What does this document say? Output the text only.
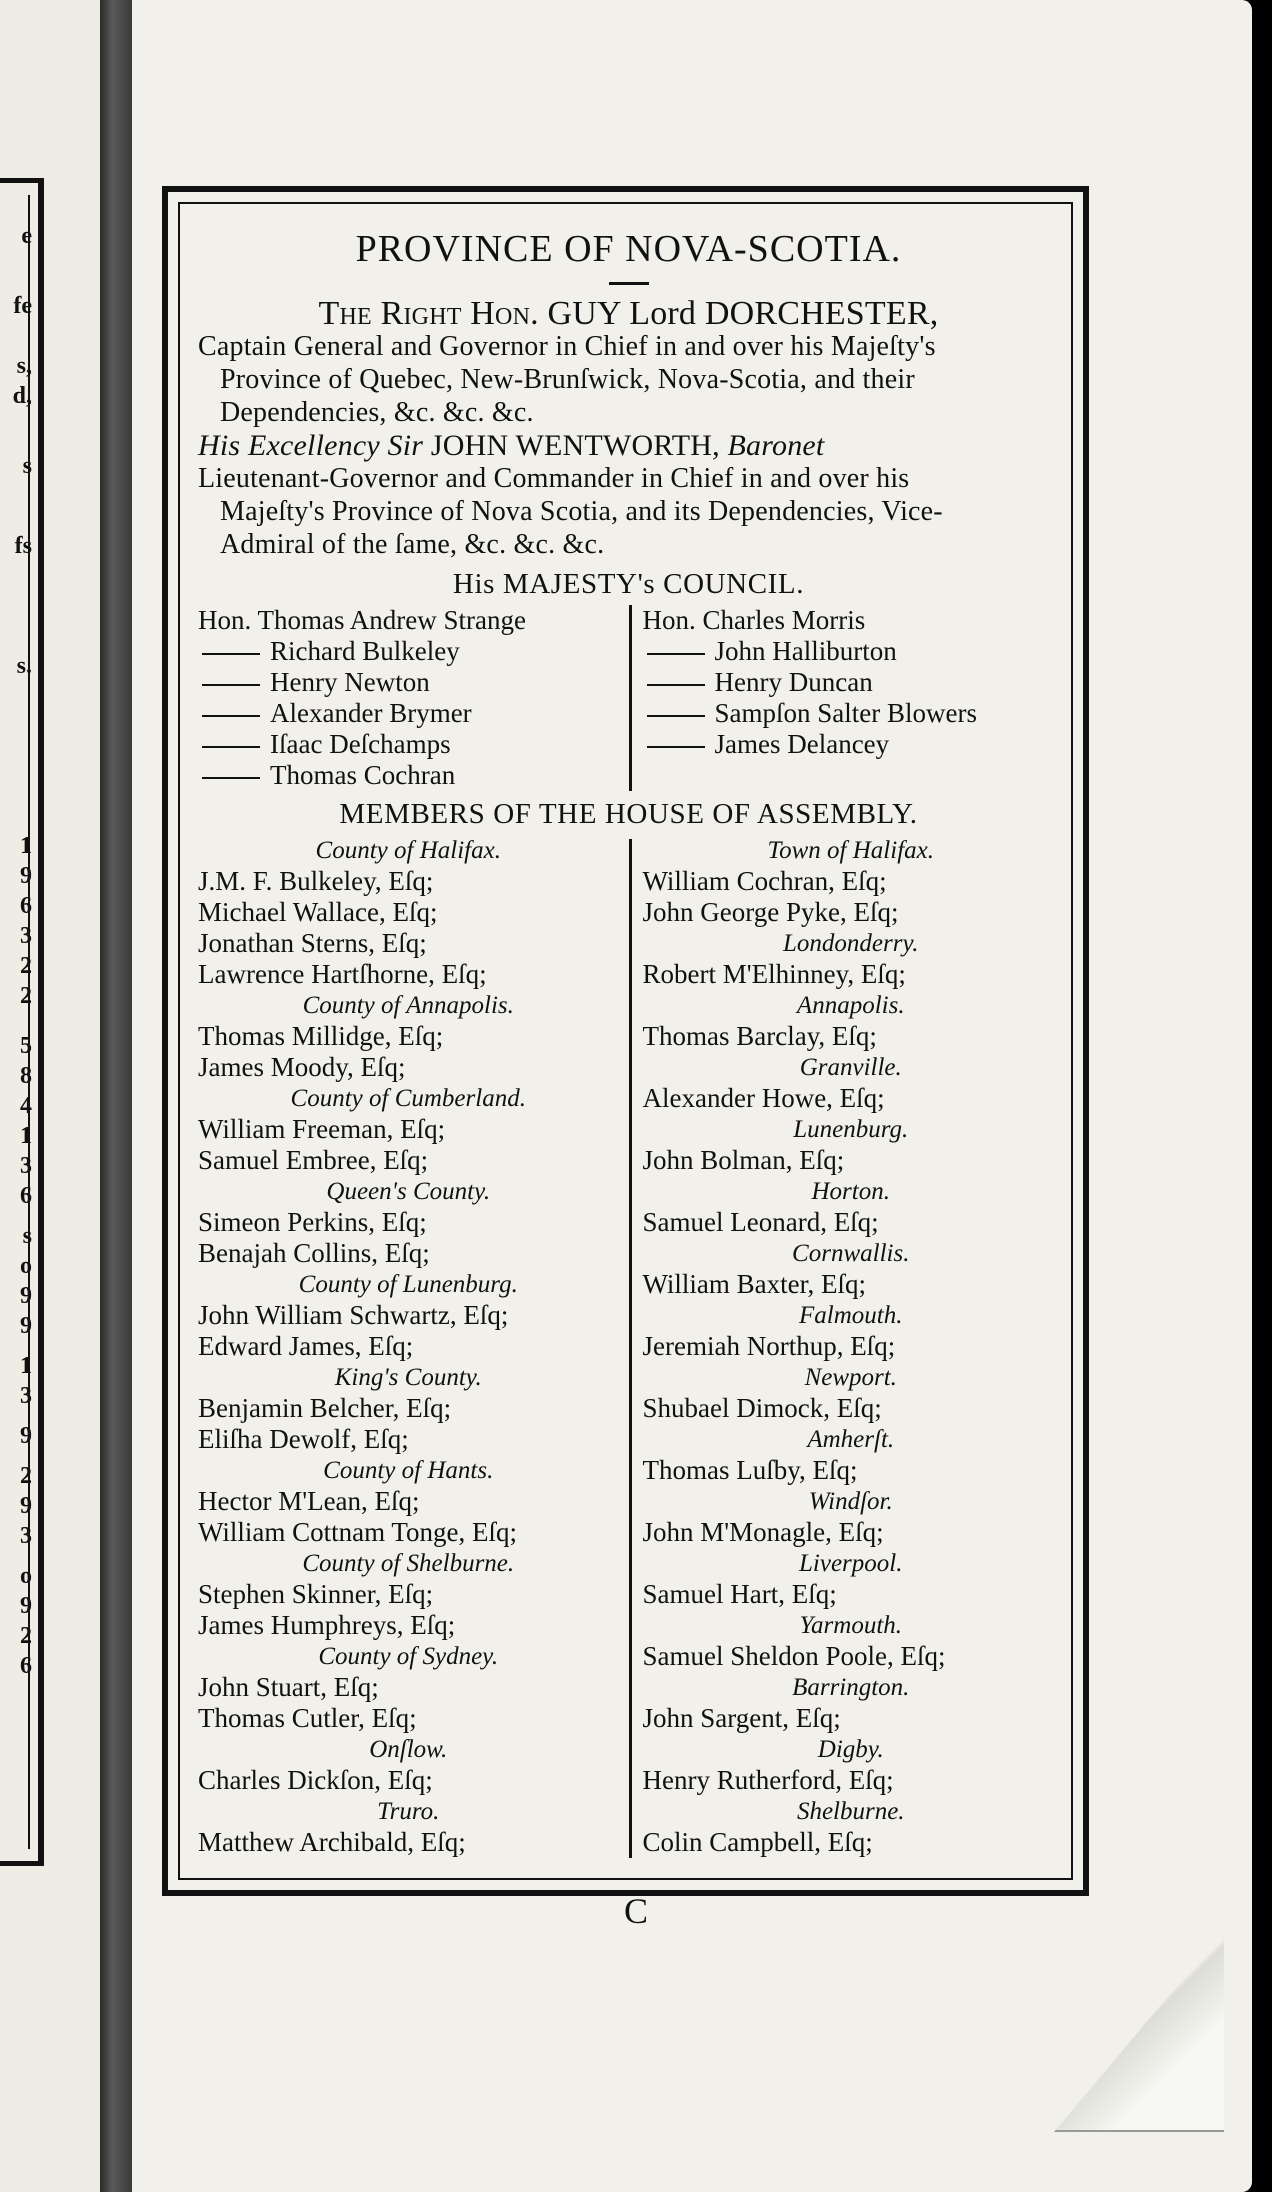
e
fe
s,
d,
s
fs
s.
1
9
6
3
2
2
5
8
4
1
3
6
s
o
9
9
1
3
9
2
9
3
o
9
2
6

PROVINCE OF NOVA-SCOTIA.

The Right Hon. GUY Lord DORCHESTER,

Captain General and Governor in Chief in and over his Majeſty's

Province of Quebec, New-Brunſwick, Nova-Scotia, and their

Dependencies, &c. &c. &c.

His Excellency Sir JOHN WENTWORTH, Baronet

Lieutenant-Governor and Commander in Chief in and over his

Majeſty's Province of Nova Scotia, and its Dependencies, Vice-

Admiral of the ſame, &c. &c. &c.

His MAJESTY's COUNCIL.

Hon. Thomas Andrew Strange
Richard Bulkeley
Henry Newton
Alexander Brymer
Iſaac Deſchamps
Thomas Cochran
Hon. Charles Morris
John Halliburton
Henry Duncan
Sampſon Salter Blowers
James Delancey

MEMBERS OF THE HOUSE OF ASSEMBLY.

County of Halifax.
J.M. F. Bulkeley, Eſq;
Michael Wallace, Eſq;
Jonathan Sterns, Eſq;
Lawrence Hartſhorne, Eſq;
County of Annapolis.
Thomas Millidge, Eſq;
James Moody, Eſq;
County of Cumberland.
William Freeman, Eſq;
Samuel Embree, Eſq;
Queen's County.
Simeon Perkins, Eſq;
Benajah Collins, Eſq;
County of Lunenburg.
John William Schwartz, Eſq;
Edward James, Eſq;
King's County.
Benjamin Belcher, Eſq;
Eliſha Dewolf, Eſq;
County of Hants.
Hector M'Lean, Eſq;
William Cottnam Tonge, Eſq;
County of Shelburne.
Stephen Skinner, Eſq;
James Humphreys, Eſq;
County of Sydney.
John Stuart, Eſq;
Thomas Cutler, Eſq;
Onſlow.
Charles Dickſon, Eſq;
Truro.
Matthew Archibald, Eſq;
Town of Halifax.
William Cochran, Eſq;
John George Pyke, Eſq;
Londonderry.
Robert M'Elhinney, Eſq;
Annapolis.
Thomas Barclay, Eſq;
Granville.
Alexander Howe, Eſq;
Lunenburg.
John Bolman, Eſq;
Horton.
Samuel Leonard, Eſq;
Cornwallis.
William Baxter, Eſq;
Falmouth.
Jeremiah Northup, Eſq;
Newport.
Shubael Dimock, Eſq;
Amherſt.
Thomas Luſby, Eſq;
Windſor.
John M'Monagle, Eſq;
Liverpool.
Samuel Hart, Eſq;
Yarmouth.
Samuel Sheldon Poole, Eſq;
Barrington.
John Sargent, Eſq;
Digby.
Henry Rutherford, Eſq;
Shelburne.
Colin Campbell, Eſq;
C
